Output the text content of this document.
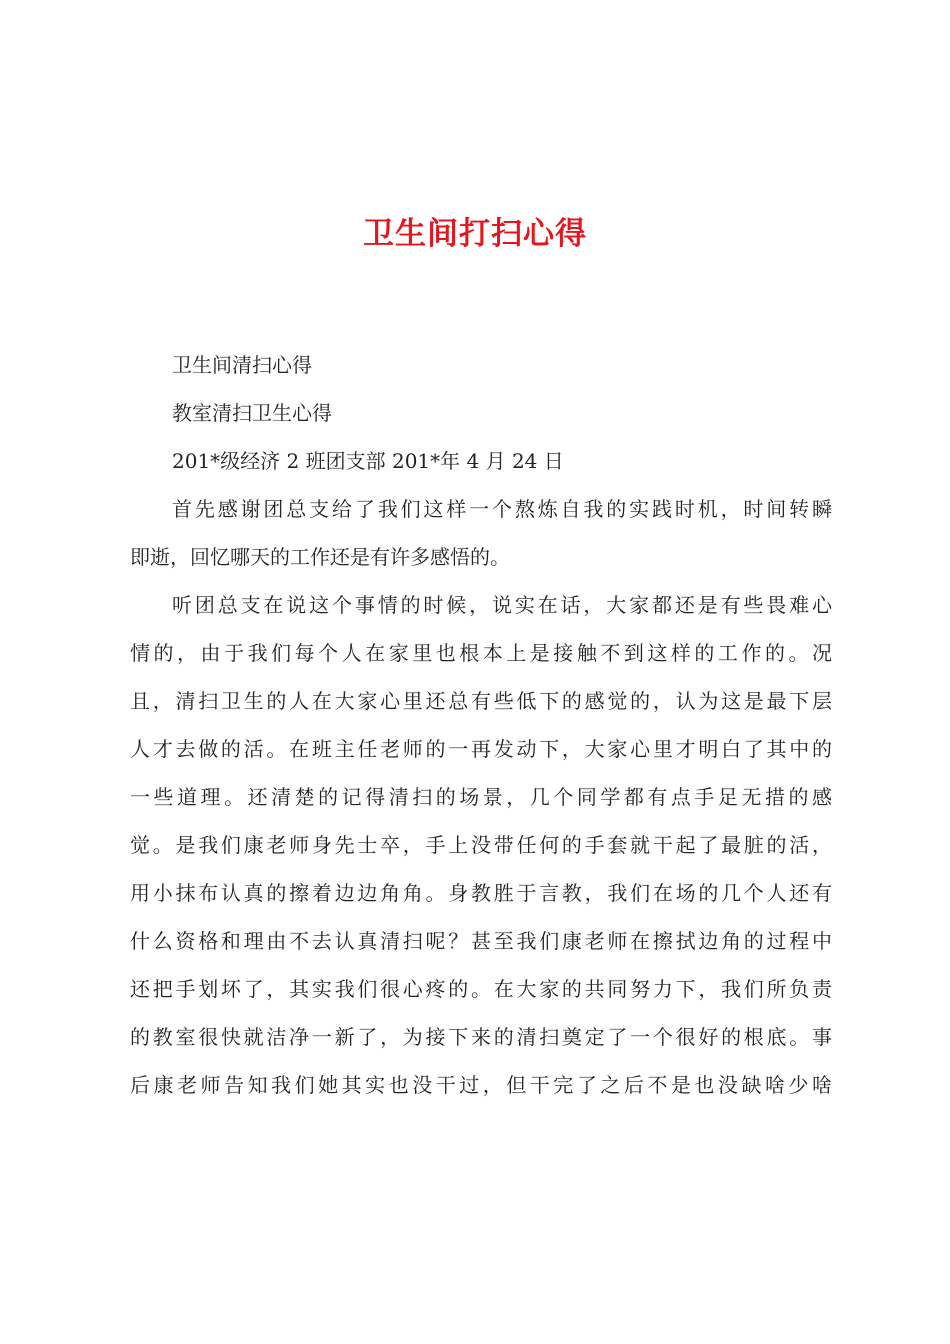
卫生间打扫心得
卫生间清扫心得
教室清扫卫生心得
201*级经济 2 班团支部 201*年 4 月 24 日
首先感谢团总支给了我们这样一个熬炼自我的实践时机，时间转瞬
即逝，回忆哪天的工作还是有许多感悟的。
听团总支在说这个事情的时候，说实在话，大家都还是有些畏难心
情的，由于我们每个人在家里也根本上是接触不到这样的工作的。况
且，清扫卫生的人在大家心里还总有些低下的感觉的，认为这是最下层
人才去做的活。在班主任老师的一再发动下，大家心里才明白了其中的
一些道理。还清楚的记得清扫的场景，几个同学都有点手足无措的感
觉。是我们康老师身先士卒，手上没带任何的手套就干起了最脏的活，
用小抹布认真的擦着边边角角。身教胜于言教，我们在场的几个人还有
什么资格和理由不去认真清扫呢？甚至我们康老师在擦拭边角的过程中
还把手划坏了，其实我们很心疼的。在大家的共同努力下，我们所负责
的教室很快就洁净一新了，为接下来的清扫奠定了一个很好的根底。事
后康老师告知我们她其实也没干过，但干完了之后不是也没缺啥少啥
